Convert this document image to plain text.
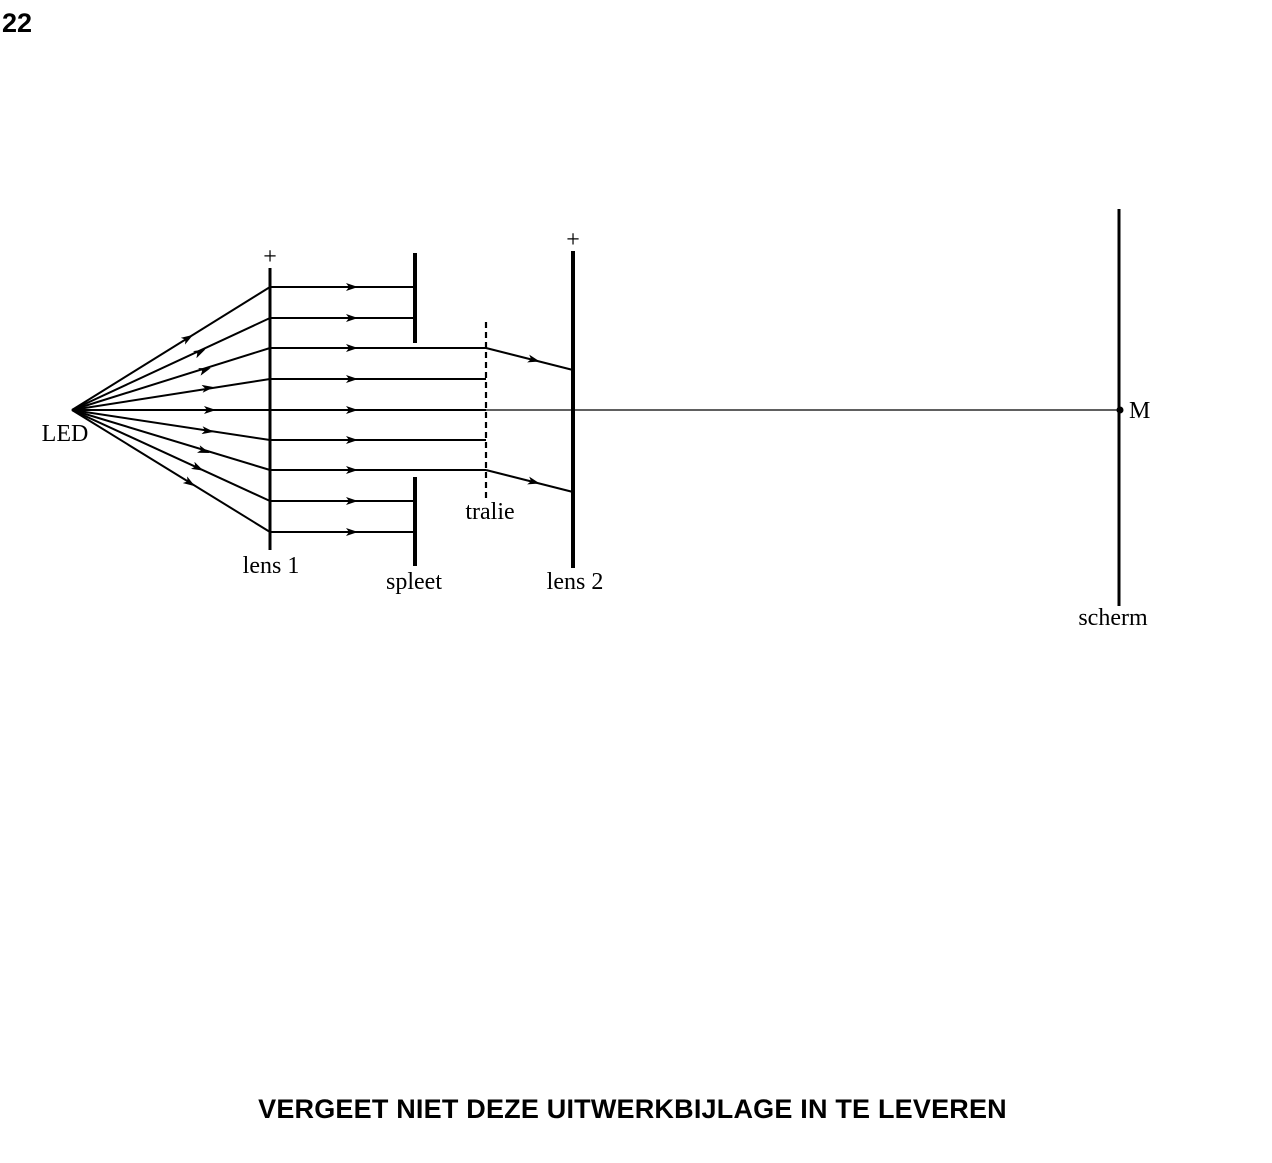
22
+
lens 1
spleet
tralie
+
lens 2
M
scherm
LED
VERGEET NIET DEZE UITWERKBIJLAGE IN TE LEVEREN
